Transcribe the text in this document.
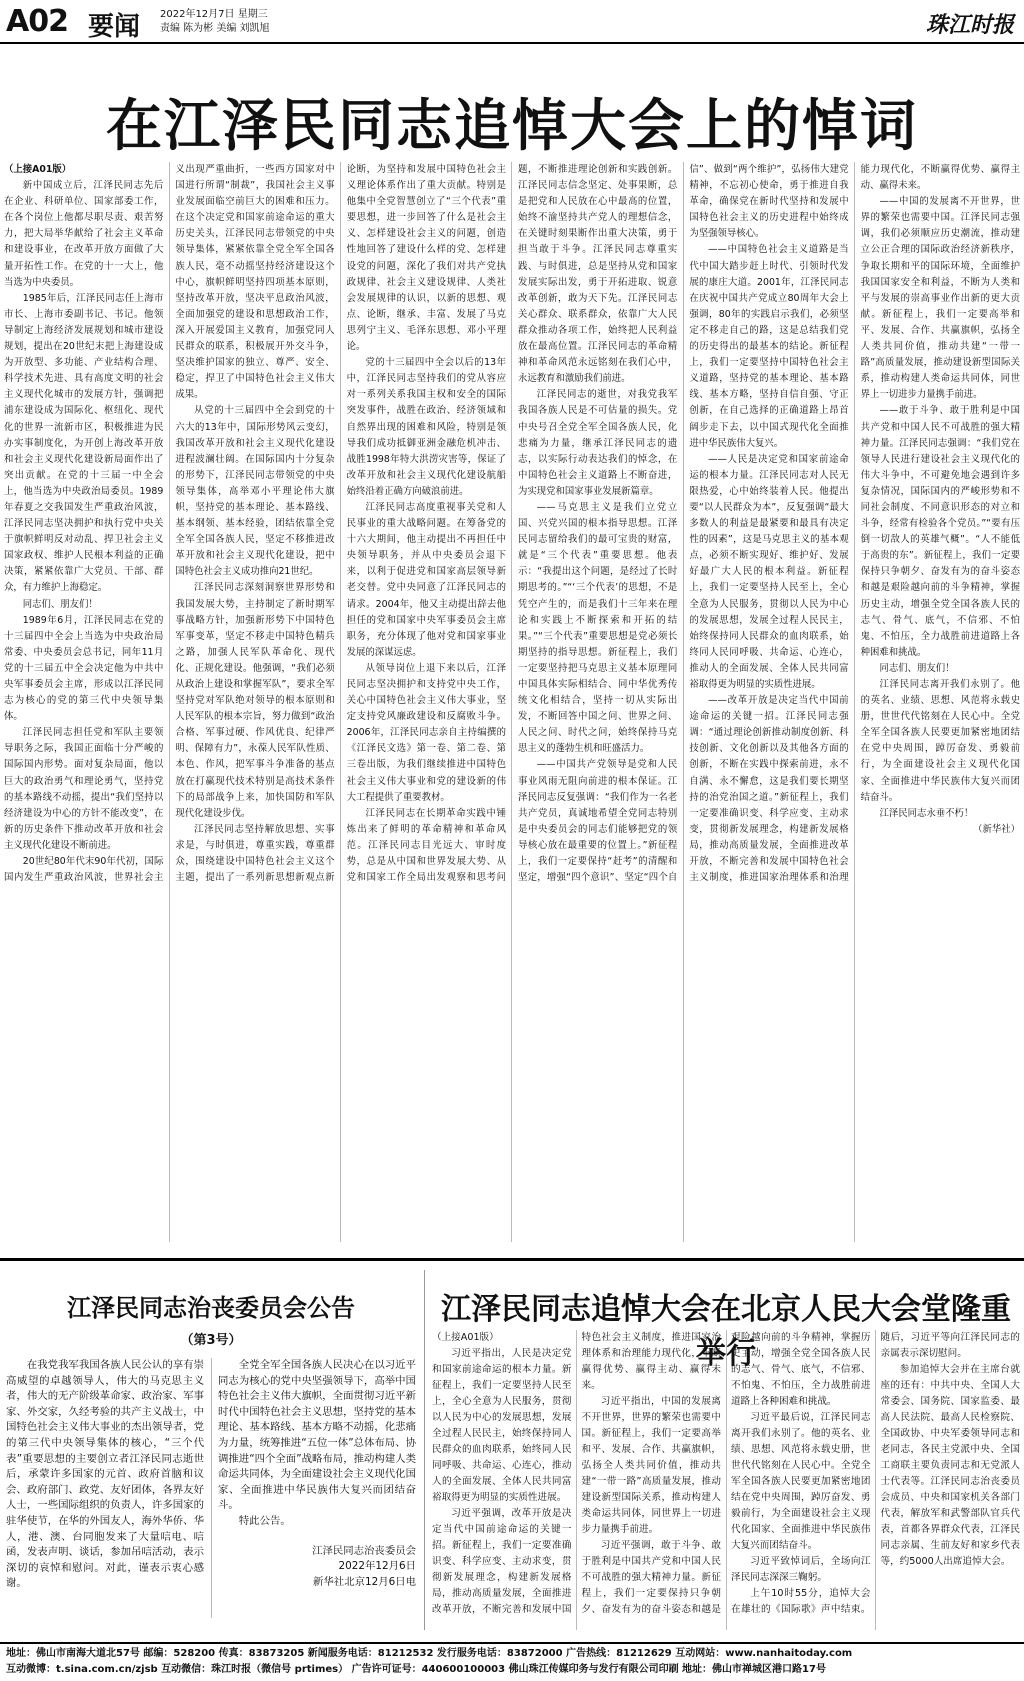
A02 要闻 2022年12月7日 星期三
责编 陈为彬 美编 刘凯旭	珠江时报
在江泽民同志追悼大会上的悼词

（上接A01版）

新中国成立后，江泽民同志先后在企业、科研单位、国家部委工作，在各个岗位上他都尽职尽责、艰苦努力，把大局举华献给了社会主义革命和建设事业，在改革开放方面做了大量开拓性工作。在党的十一大上，他当选为中央委员。

1985年后，江泽民同志任上海市市长、上海市委副书记、书记。他领导制定上海经济发展规划和城市建设规划，提出在20世纪末把上海建设成为开放型、多功能、产业结构合理、科学技术先进、具有高度文明的社会主义现代化城市的发展方针，强调把浦东建设成为国际化、枢纽化、现代化的世界一流新市区，积极推进为民办实事制度化，为开创上海改革开放和社会主义现代化建设新局面作出了突出贡献。在党的十三届一中全会上，他当选为中央政治局委员。1989年春夏之交我国发生严重政治风波，江泽民同志坚决拥护和执行党中央关于旗帜鲜明反对动乱、捍卫社会主义国家政权、维护人民根本利益的正确决策，紧紧依靠广大党员、干部、群众，有力维护上海稳定。

同志们、朋友们！

1989年6月，江泽民同志在党的十三届四中全会上当选为中央政治局常委、中央委员会总书记，同年11月党的十三届五中全会决定他为中共中央军事委员会主席，形成以江泽民同志为核心的党的第三代中央领导集体。

江泽民同志担任党和军队主要领导职务之际，我国正面临十分严峻的国际国内形势。面对复杂局面，他以巨大的政治勇气和理论勇气，坚持党的基本路线不动摇，提出“我们坚持以经济建设为中心的方针不能改变”，在新的历史条件下推动改革开放和社会主义现代化建设不断前进。

20世纪80年代末90年代初，国际国内发生严重政治风波，世界社会主义出现严重曲折，一些西方国家对中国进行所谓“制裁”，我国社会主义事业发展面临空前巨大的困难和压力。在这个决定党和国家前途命运的重大历史关头，江泽民同志带领党的中央领导集体，紧紧依靠全党全军全国各族人民，毫不动摇坚持经济建设这个中心，旗帜鲜明坚持四项基本原则，坚持改革开放，坚决平息政治风波，全面加强党的建设和思想政治工作，深入开展爱国主义教育，加强党同人民群众的联系，积极展开外交斗争，坚决维护国家的独立、尊严、安全、稳定，捍卫了中国特色社会主义伟大成果。

从党的十三届四中全会到党的十六大的13年中，国际形势风云变幻，我国改革开放和社会主义现代化建设进程波澜壮阔。在国际国内十分复杂的形势下，江泽民同志带领党的中央领导集体，高举邓小平理论伟大旗帜，坚持党的基本理论、基本路线、基本纲领、基本经验，团结依靠全党全军全国各族人民，坚定不移推进改革开放和社会主义现代化建设，把中国特色社会主义成功推向21世纪。

江泽民同志深刻洞察世界形势和我国发展大势，主持制定了新时期军事战略方针，加强新形势下中国特色军事变革，坚定不移走中国特色精兵之路，加强人民军队革命化、现代化、正规化建设。他强调，“我们必须从政治上建设和掌握军队”，要求全军坚持党对军队绝对领导的根本原则和人民军队的根本宗旨，努力做到“政治合格、军事过硬、作风优良、纪律严明、保障有力”，永葆人民军队性质、本色、作风，把军事斗争准备的基点放在打赢现代技术特别是高技术条件下的局部战争上来，加快国防和军队现代化建设步伐。

江泽民同志坚持解放思想、实事求是，与时俱进，尊重实践，尊重群众，围绕建设中国特色社会主义这个主题，提出了一系列新思想新观点新论断，为坚持和发展中国特色社会主义理论体系作出了重大贡献。特别是他集中全党智慧创立了“三个代表”重要思想，进一步回答了什么是社会主义、怎样建设社会主义的问题，创造性地回答了建设什么样的党、怎样建设党的问题，深化了我们对共产党执政规律、社会主义建设规律、人类社会发展规律的认识，以新的思想、观点、论断，继承、丰富、发展了马克思列宁主义、毛泽东思想、邓小平理论。

党的十三届四中全会以后的13年中，江泽民同志坚持我们的党从容应对一系列关系我国主权和安全的国际突发事件，战胜在政治、经济领域和自然界出现的困难和风险，特别是领导我们成功抵御亚洲金融危机冲击、战胜1998年特大洪涝灾害等，保证了改革开放和社会主义现代化建设航船始终沿着正确方向破浪前进。

江泽民同志高度重视事关党和人民事业的重大战略问题。在筹备党的十六大期间，他主动提出不再担任中央领导职务，并从中央委员会退下来，以利于促进党和国家高层领导新老交替。党中央同意了江泽民同志的请求。2004年，他又主动提出辞去他担任的党和国家中央军事委员会主席职务，充分体现了他对党和国家事业发展的深谋远虑。

从领导岗位上退下来以后，江泽民同志坚决拥护和支持党中央工作，关心中国特色社会主义伟大事业，坚定支持党风廉政建设和反腐败斗争。2006年，江泽民同志亲自主持编撰的《江泽民文选》第一卷、第二卷、第三卷出版，为我们继续推进中国特色社会主义伟大事业和党的建设新的伟大工程提供了重要教材。

江泽民同志在长期革命实践中锤炼出来了鲜明的革命精神和革命风范。江泽民同志目光远大、审时度势，总是从中国和世界发展大势、从党和国家工作全局出发观察和思考问题，不断推进理论创新和实践创新。江泽民同志信念坚定、处事果断，总是把党和人民放在心中最高的位置，始终不渝坚持共产党人的理想信念，在关键时刻果断作出重大决策，勇于担当敢于斗争。江泽民同志尊重实践、与时俱进，总是坚持从党和国家发展实际出发，勇于开拓进取、锐意改革创新，敢为天下先。江泽民同志关心群众、联系群众，依靠广大人民群众推动各项工作，始终把人民利益放在最高位置。江泽民同志的革命精神和革命风范永远铭刻在我们心中，永远教育和激励我们前进。

江泽民同志的逝世，对我党我军我国各族人民是不可估量的损失。党中央号召全党全军全国各族人民，化悲痛为力量，继承江泽民同志的遗志，以实际行动表达我们的悼念，在中国特色社会主义道路上不断奋进，为实现党和国家事业发展新篇章。

——马克思主义是我们立党立国、兴党兴国的根本指导思想。江泽民同志留给我们的最可宝贵的财富，就是“三个代表”重要思想。他表示：“我提出这个问题，是经过了长时期思考的。”“‘三个代表’的思想，不是凭空产生的，而是我们十三年来在理论和实践上不断探索和开拓的结果。”“三个代表”重要思想是党必须长期坚持的指导思想。新征程上，我们一定要坚持把马克思主义基本原理同中国具体实际相结合、同中华优秀传统文化相结合，坚持一切从实际出发，不断回答中国之问、世界之问、人民之问、时代之问，始终保持马克思主义的蓬勃生机和旺盛活力。

——中国共产党领导是党和人民事业风雨无阻向前进的根本保证。江泽民同志反复强调：“我们作为一名老共产党员，真诚地希望全党同志特别是中央委员会的同志们能够把党的领导核心放在最重要的位置上。”新征程上，我们一定要保持“赶考”的清醒和坚定，增强“四个意识”、坚定“四个自信”、做到“两个维护”，弘扬伟大建党精神，不忘初心使命，勇于推进自我革命，确保党在新时代坚持和发展中国特色社会主义的历史进程中始终成为坚强领导核心。

——中国特色社会主义道路是当代中国大踏步赶上时代、引领时代发展的康庄大道。2001年，江泽民同志在庆祝中国共产党成立80周年大会上强调，80年的实践启示我们，必须坚定不移走自己的路，这是总结我们党的历史得出的最基本的结论。新征程上，我们一定要坚持中国特色社会主义道路，坚持党的基本理论、基本路线、基本方略，坚持自信自强、守正创新，在自己选择的正确道路上昂首阔步走下去，以中国式现代化全面推进中华民族伟大复兴。

——人民是决定党和国家前途命运的根本力量。江泽民同志对人民无限热爱，心中始终装着人民。他提出要“以人民群众为本”，反复强调“最大多数人的利益是最紧要和最具有决定性的因素”，这是马克思主义的基本观点，必须不断实现好、维护好、发展好最广大人民的根本利益。新征程上，我们一定要坚持人民至上，全心全意为人民服务，贯彻以人民为中心的发展思想，发展全过程人民民主，始终保持同人民群众的血肉联系，始终同人民同呼吸、共命运、心连心，推动人的全面发展、全体人民共同富裕取得更为明显的实质性进展。

——改革开放是决定当代中国前途命运的关键一招。江泽民同志强调：“通过理论创新推动制度创新、科技创新、文化创新以及其他各方面的创新，不断在实践中探索前进，永不自满、永不懈怠，这是我们要长期坚持的治党治国之道。”新征程上，我们一定要准确识变、科学应变、主动求变，贯彻新发展理念，构建新发展格局，推动高质量发展，全面推进改革开放，不断完善和发展中国特色社会主义制度，推进国家治理体系和治理能力现代化，不断赢得优势、赢得主动、赢得未来。

——中国的发展离不开世界，世界的繁荣也需要中国。江泽民同志强调，我们必须顺应历史潮流，推动建立公正合理的国际政治经济新秩序，争取长期和平的国际环境，全面维护我国国家安全和利益，不断为人类和平与发展的崇高事业作出新的更大贡献。新征程上，我们一定要高举和平、发展、合作、共赢旗帜，弘扬全人类共同价值，推动共建“一带一路”高质量发展，推动建设新型国际关系，推动构建人类命运共同体，同世界上一切进步力量携手前进。

——敢于斗争、敢于胜利是中国共产党和中国人民不可战胜的强大精神力量。江泽民同志强调：“我们党在领导人民进行建设社会主义现代化的伟大斗争中，不可避免地会遇到许多复杂情况，国际国内的严峻形势和不同社会制度、不同意识形态的对立和斗争，经常有检验各个党员。”“要有压倒一切敌人的英雄气概”。“人不能低于高贵的东”。新征程上，我们一定要保持只争朝夕、奋发有为的奋斗姿态和越是艰险越向前的斗争精神，掌握历史主动，增强全党全国各族人民的志气、骨气、底气，不信邪、不怕鬼、不怕压，全力战胜前进道路上各种困难和挑战。

同志们、朋友们！

江泽民同志离开我们永别了。他的英名、业绩、思想、风范将永载史册，世世代代铭刻在人民心中。全党全军全国各族人民要更加紧密地团结在党中央周围，踔厉奋发、勇毅前行，为全面建设社会主义现代化国家、全面推进中华民族伟大复兴而团结奋斗。

江泽民同志永垂不朽！

（新华社）

江泽民同志治丧委员会公告
（第3号）

在我党我军我国各族人民公认的享有崇高威望的卓越领导人，伟大的马克思主义者，伟大的无产阶级革命家、政治家、军事家、外交家，久经考验的共产主义战士，中国特色社会主义伟大事业的杰出领导者，党的第三代中央领导集体的核心，“三个代表”重要思想的主要创立者江泽民同志逝世后，承蒙许多国家的元首、政府首脑和议会、政府部门、政党、友好团体，各界友好人士，一些国际组织的负责人，许多国家的驻华使节，在华的外国友人，海外华侨、华人，港、澳、台同胞发来了大量唁电、唁函，发表声明、谈话，参加吊唁活动，表示深切的哀悼和慰问。对此，谨表示衷心感谢。

全党全军全国各族人民决心在以习近平同志为核心的党中央坚强领导下，高举中国特色社会主义伟大旗帜，全面贯彻习近平新时代中国特色社会主义思想，坚持党的基本理论、基本路线、基本方略不动摇，化悲痛为力量，统筹推进“五位一体”总体布局、协调推进“四个全面”战略布局，推动构建人类命运共同体，为全面建设社会主义现代化国家、全面推进中华民族伟大复兴而团结奋斗。

特此公告。

江泽民同志治丧委员会

2022年12月6日

新华社北京12月6日电

江泽民同志追悼大会在北京人民大会堂隆重举行

（上接A01版）

习近平指出，人民是决定党和国家前途命运的根本力量。新征程上，我们一定要坚持人民至上，全心全意为人民服务，贯彻以人民为中心的发展思想，发展全过程人民民主，始终保持同人民群众的血肉联系，始终同人民同呼吸、共命运、心连心，推动人的全面发展、全体人民共同富裕取得更为明显的实质性进展。

习近平强调，改革开放是决定当代中国前途命运的关键一招。新征程上，我们一定要准确识变、科学应变、主动求变，贯彻新发展理念，构建新发展格局，推动高质量发展，全面推进改革开放，不断完善和发展中国特色社会主义制度，推进国家治理体系和治理能力现代化，不断赢得优势、赢得主动、赢得未来。

习近平指出，中国的发展离不开世界，世界的繁荣也需要中国。新征程上，我们一定要高举和平、发展、合作、共赢旗帜，弘扬全人类共同价值，推动共建“一带一路”高质量发展，推动建设新型国际关系，推动构建人类命运共同体，同世界上一切进步力量携手前进。

习近平强调，敢于斗争、敢于胜利是中国共产党和中国人民不可战胜的强大精神力量。新征程上，我们一定要保持只争朝夕、奋发有为的奋斗姿态和越是艰险越向前的斗争精神，掌握历史主动，增强全党全国各族人民的志气、骨气、底气，不信邪、不怕鬼、不怕压，全力战胜前进道路上各种困难和挑战。

习近平最后说，江泽民同志离开我们永别了。他的英名、业绩、思想、风范将永载史册，世世代代铭刻在人民心中。全党全军全国各族人民要更加紧密地团结在党中央周围，踔厉奋发、勇毅前行，为全面建设社会主义现代化国家、全面推进中华民族伟大复兴而团结奋斗。

习近平致悼词后，全场向江泽民同志深深三鞠躬。

上午10时55分，追悼大会在雄壮的《国际歌》声中结束。随后，习近平等向江泽民同志的亲属表示深切慰问。

参加追悼大会并在主席台就座的还有：中共中央、全国人大常委会、国务院、国家监委、最高人民法院、最高人民检察院、全国政协、中央军委领导同志和老同志，各民主党派中央、全国工商联主要负责同志和无党派人士代表等。江泽民同志治丧委员会成员、中央和国家机关各部门代表，解放军和武警部队官兵代表，首都各界群众代表，江泽民同志亲属、生前友好和家乡代表等，约5000人出席追悼大会。

地址：佛山市南海大道北57号 邮编：528200 传真：83873205 新闻服务电话：81212532 发行服务电话：83872000 广告热线：81212629 互动网站：www.nanhaitoday.com
互动微博：t.sina.com.cn/zjsb 互动微信：珠江时报（微信号 prtimes） 广告许可证号：440600100003 佛山珠江传媒印务与发行有限公司印刷 地址：佛山市禅城区港口路17号
